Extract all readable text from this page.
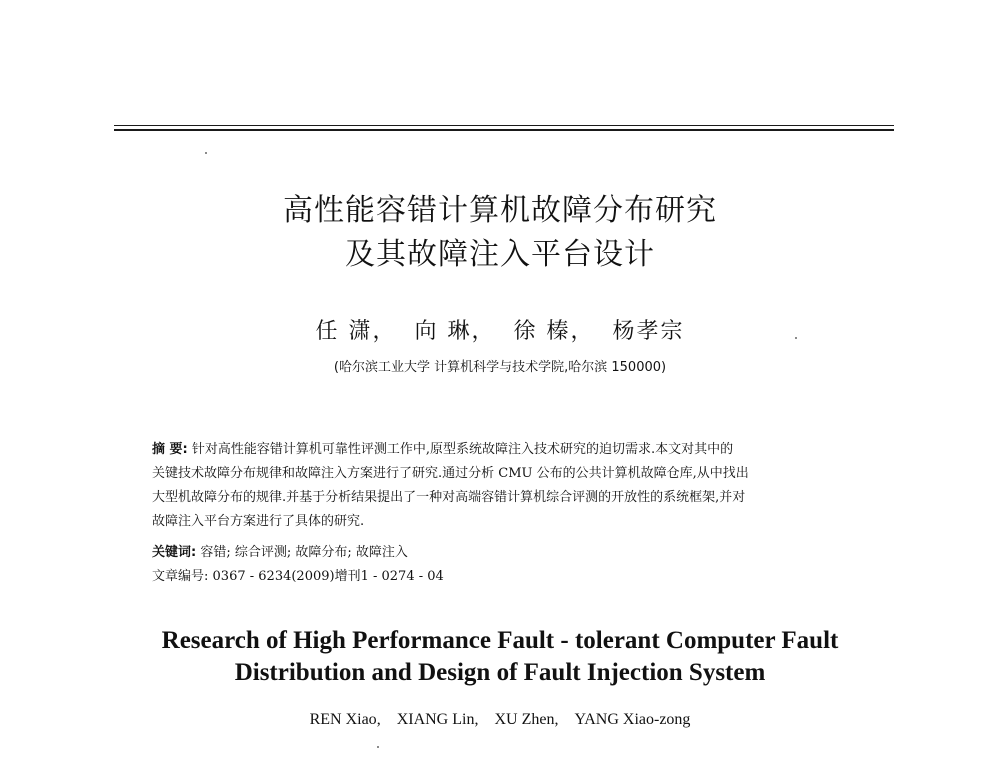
高性能容错计算机故障分布研究
及其故障注入平台设计
任 潇， 向 琳， 徐 榛， 杨孝宗
(哈尔滨工业大学 计算机科学与技术学院,哈尔滨 150000)
摘 要: 针对高性能容错计算机可靠性评测工作中,原型系统故障注入技术研究的迫切需求.本文对其中的
关键技术故障分布规律和故障注入方案进行了研究.通过分析 CMU 公布的公共计算机故障仓库,从中找出
大型机故障分布的规律.并基于分析结果提出了一种对高端容错计算机综合评测的开放性的系统框架,并对
故障注入平台方案进行了具体的研究.
关键词: 容错; 综合评测; 故障分布; 故障注入
文章编号: 0367 - 6234(2009)增刊1 - 0274 - 04
Research of High Performance Fault - tolerant Computer Fault
Distribution and Design of Fault Injection System
REN Xiao, XIANG Lin, XU Zhen, YANG Xiao-zong
